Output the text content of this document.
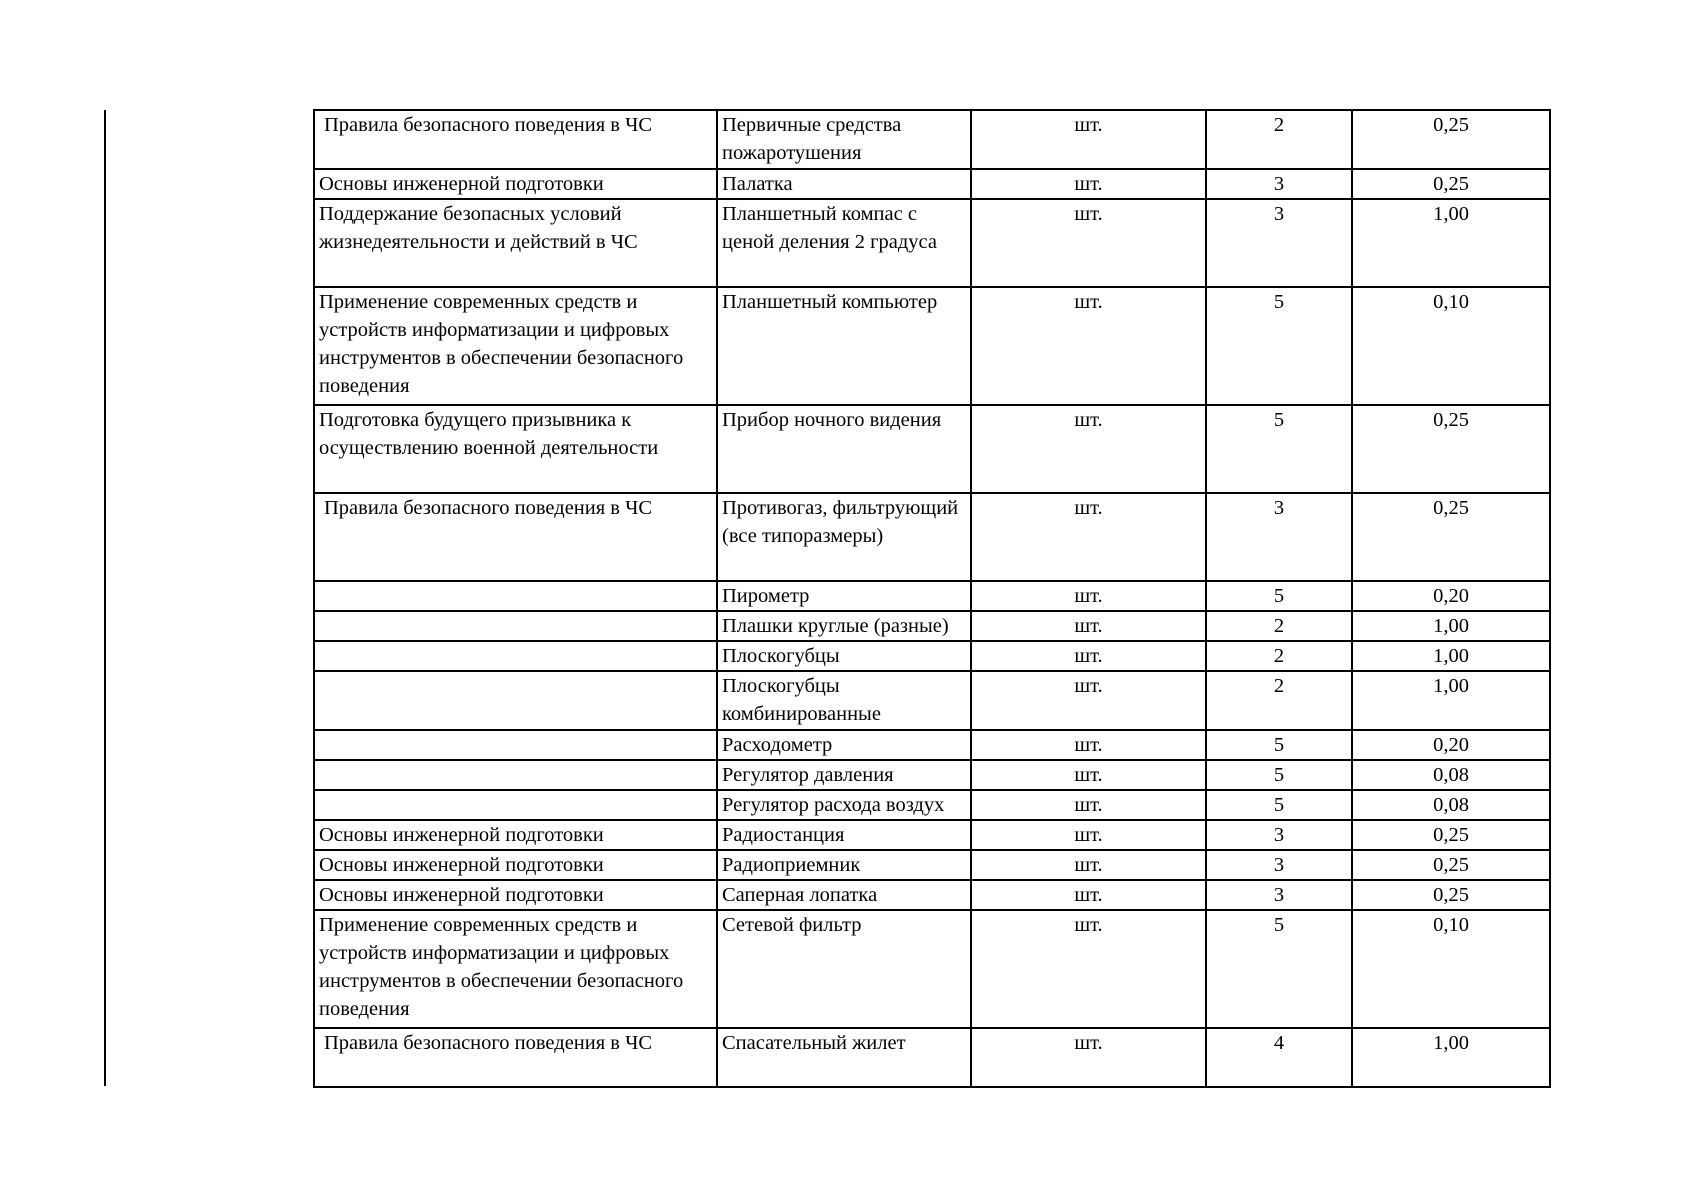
Правила безопасного поведения в ЧС	Первичные средства пожаротушения	шт.	2	0,25
Основы инженерной подготовки	Палатка	шт.	3	0,25
Поддержание безопасных условий жизнедеятельности и действий в ЧС	Планшетный компас с ценой деления 2 градуса	шт.	3	1,00
Применение современных средств и устройств информатизации и цифровых инструментов в обеспечении безопасного поведения	Планшетный компьютер	шт.	5	0,10
Подготовка будущего призывника к осуществлению военной деятельности	Прибор ночного видения	шт.	5	0,25
Правила безопасного поведения в ЧС	Противогаз, фильтрующий (все типоразмеры)	шт.	3	0,25
	Пирометр	шт.	5	0,20
	Плашки круглые (разные)	шт.	2	1,00
	Плоскогубцы	шт.	2	1,00
	Плоскогубцы комбинированные	шт.	2	1,00
	Расходометр	шт.	5	0,20
	Регулятор давления	шт.	5	0,08
	Регулятор расхода воздух	шт.	5	0,08
Основы инженерной подготовки	Радиостанция	шт.	3	0,25
Основы инженерной подготовки	Радиоприемник	шт.	3	0,25
Основы инженерной подготовки	Саперная лопатка	шт.	3	0,25
Применение современных средств и устройств информатизации и цифровых инструментов в обеспечении безопасного поведения	Сетевой фильтр	шт.	5	0,10
Правила безопасного поведения в ЧС	Спасательный жилет	шт.	4	1,00
